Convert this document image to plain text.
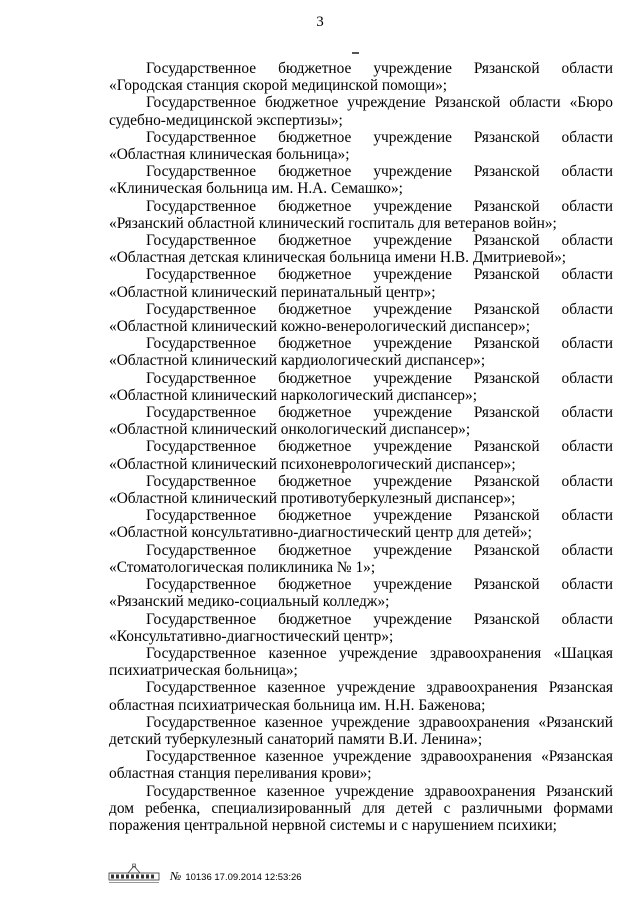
3

Государственное бюджетное учреждение Рязанской области
«Городская станция скорой медицинской помощи»;

Государственное бюджетное учреждение Рязанской области «Бюро судебно-медицинской экспертизы»;

Государственное бюджетное учреждение Рязанской области
«Областная клиническая больница»;

Государственное бюджетное учреждение Рязанской области
«Клиническая больница им. Н.А. Семашко»;

Государственное бюджетное учреждение Рязанской области
«Рязанский областной клинический госпиталь для ветеранов войн»;

Государственное бюджетное учреждение Рязанской области
«Областная детская клиническая больница имени Н.В. Дмитриевой»;

Государственное бюджетное учреждение Рязанской области
«Областной клинический перинатальный центр»;

Государственное бюджетное учреждение Рязанской области
«Областной клинический кожно-венерологический диспансер»;

Государственное бюджетное учреждение Рязанской области
«Областной клинический кардиологический диспансер»;

Государственное бюджетное учреждение Рязанской области
«Областной клинический наркологический диспансер»;

Государственное бюджетное учреждение Рязанской области
«Областной клинический онкологический диспансер»;

Государственное бюджетное учреждение Рязанской области
«Областной клинический психоневрологический диспансер»;

Государственное бюджетное учреждение Рязанской области
«Областной клинический противотуберкулезный диспансер»;

Государственное бюджетное учреждение Рязанской области
«Областной консультативно-диагностический центр для детей»;

Государственное бюджетное учреждение Рязанской области
«Стоматологическая поликлиника № 1»;

Государственное бюджетное учреждение Рязанской области
«Рязанский медико-социальный колледж»;

Государственное бюджетное учреждение Рязанской области
«Консультативно-диагностический центр»;

Государственное казенное учреждение здравоохранения «Шацкая
психиатрическая больница»;

Государственное казенное учреждение здравоохранения Рязанская
областная психиатрическая больница им. Н.Н. Баженова;

Государственное казенное учреждение здравоохранения «Рязанский
детский туберкулезный санаторий памяти В.И. Ленина»;

Государственное казенное учреждение здравоохранения «Рязанская
областная станция переливания крови»;

Государственное казенное учреждение здравоохранения Рязанский дом ребенка, специализированный для детей с различными формами поражения центральной нервной системы и с нарушением психики;

№ 10136 17.09.2014 12:53:26
